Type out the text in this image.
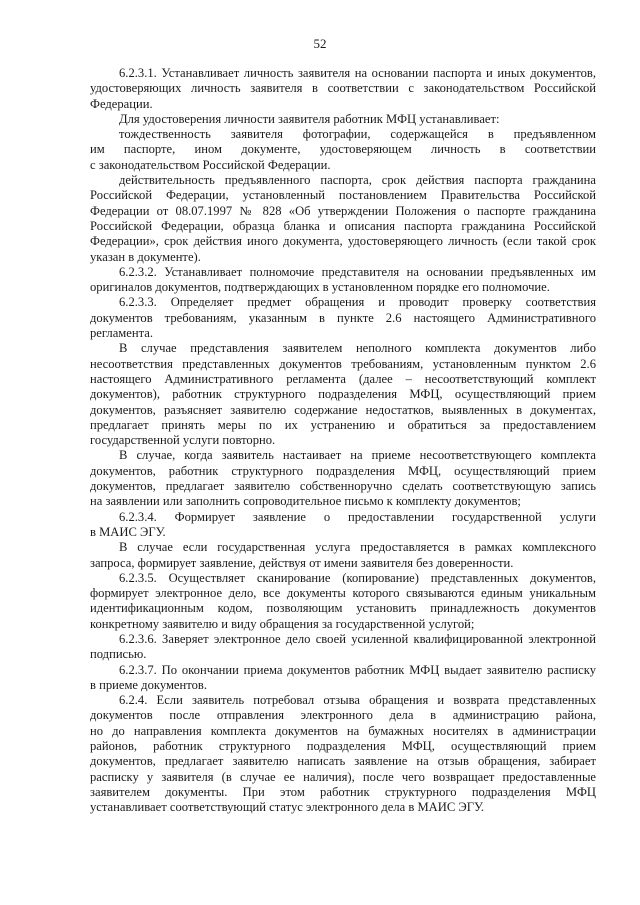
52
6.2.3.1. Устанавливает личность заявителя на основании паспорта и иных документов,
удостоверяющих личность заявителя в соответствии с законодательством Российской
Федерации.
Для удостоверения личности заявителя работник МФЦ устанавливает:
тождественность заявителя фотографии, содержащейся в предъявленном
им паспорте, ином документе, удостоверяющем личность в соответствии
с законодательством Российской Федерации.
действительность предъявленного паспорта, срок действия паспорта гражданина
Российской Федерации, установленный постановлением Правительства Российской
Федерации от 08.07.1997 № 828 «Об утверждении Положения о паспорте гражданина
Российской Федерации, образца бланка и описания паспорта гражданина Российской
Федерации», срок действия иного документа, удостоверяющего личность (если такой срок
указан в документе).
6.2.3.2. Устанавливает полномочие представителя на основании предъявленных им
оригиналов документов, подтверждающих в установленном порядке его полномочие.
6.2.3.3. Определяет предмет обращения и проводит проверку соответствия
документов требованиям, указанным в пункте 2.6 настоящего Административного
регламента.
В случае представления заявителем неполного комплекта документов либо
несоответствия представленных документов требованиям, установленным пунктом 2.6
настоящего Административного регламента (далее – несоответствующий комплект
документов), работник структурного подразделения МФЦ, осуществляющий прием
документов, разъясняет заявителю содержание недостатков, выявленных в документах,
предлагает принять меры по их устранению и обратиться за предоставлением
государственной услуги повторно.
В случае, когда заявитель настаивает на приеме несоответствующего комплекта
документов, работник структурного подразделения МФЦ, осуществляющий прием
документов, предлагает заявителю собственноручно сделать соответствующую запись
на заявлении или заполнить сопроводительное письмо к комплекту документов;
6.2.3.4. Формирует заявление о предоставлении государственной услуги
в МАИС ЭГУ.
В случае если государственная услуга предоставляется в рамках комплексного
запроса, формирует заявление, действуя от имени заявителя без доверенности.
6.2.3.5. Осуществляет сканирование (копирование) представленных документов,
формирует электронное дело, все документы которого связываются единым уникальным
идентификационным кодом, позволяющим установить принадлежность документов
конкретному заявителю и виду обращения за государственной услугой;
6.2.3.6. Заверяет электронное дело своей усиленной квалифицированной электронной
подписью.
6.2.3.7. По окончании приема документов работник МФЦ выдает заявителю расписку
в приеме документов.
6.2.4. Если заявитель потребовал отзыва обращения и возврата представленных
документов после отправления электронного дела в администрацию района,
но до направления комплекта документов на бумажных носителях в администрации
районов, работник структурного подразделения МФЦ, осуществляющий прием
документов, предлагает заявителю написать заявление на отзыв обращения, забирает
расписку у заявителя (в случае ее наличия), после чего возвращает предоставленные
заявителем документы. При этом работник структурного подразделения МФЦ
устанавливает соответствующий статус электронного дела в МАИС ЭГУ.
